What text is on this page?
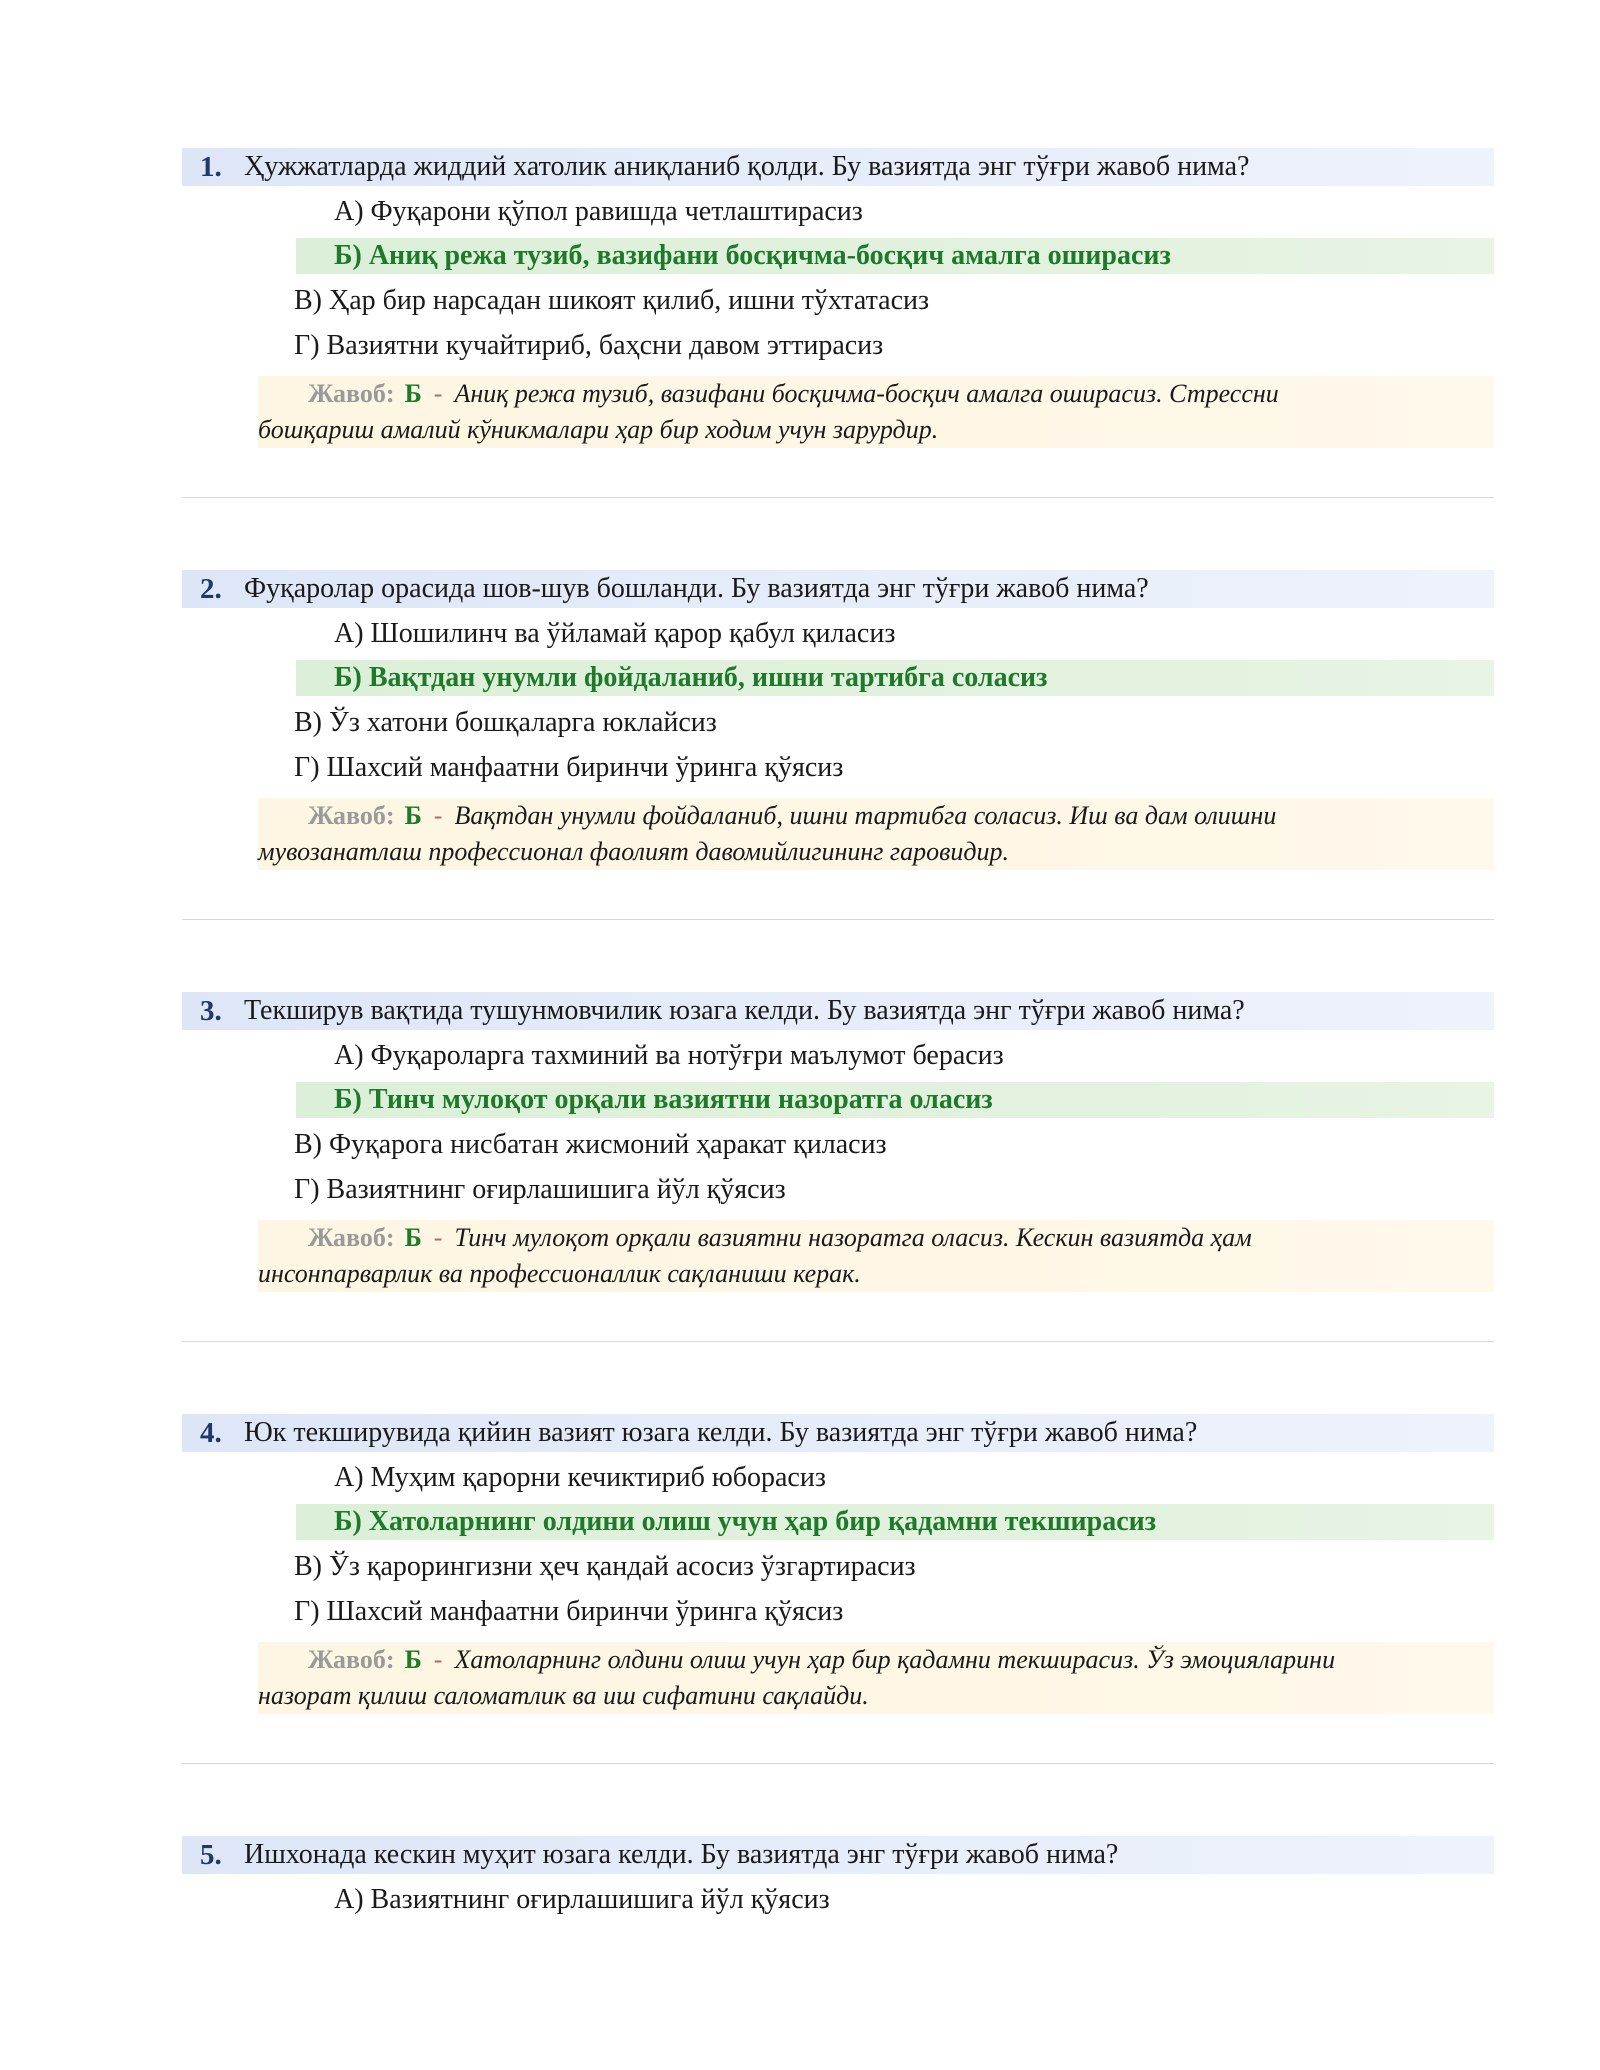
1. Ҳужжатларда жиддий хатолик аниқланиб қолди. Бу вазиятда энг тўғри жавоб нима?
А) Фуқарони қўпол равишда четлаштирасиз
Б) Аниқ режа тузиб, вазифани босқичма-босқич амалга оширасиз
В) Ҳар бир нарсадан шикоят қилиб, ишни тўхтатасиз
Г) Вазиятни кучайтириб, баҳсни давом эттирасиз
Жавоб: Б - Аниқ режа тузиб, вазифани босқичма-босқич амалга оширасиз. Стрессни
бошқариш амалий кўникмалари ҳар бир ходим учун зарурдир.
2. Фуқаролар орасида шов-шув бошланди. Бу вазиятда энг тўғри жавоб нима?
А) Шошилинч ва ўйламай қарор қабул қиласиз
Б) Вақтдан унумли фойдаланиб, ишни тартибга соласиз
В) Ўз хатони бошқаларга юклайсиз
Г) Шахсий манфаатни биринчи ўринга қўясиз
Жавоб: Б - Вақтдан унумли фойдаланиб, ишни тартибга соласиз. Иш ва дам олишни
мувозанатлаш профессионал фаолият давомийлигининг гаровидир.
3. Текширув вақтида тушунмовчилик юзага келди. Бу вазиятда энг тўғри жавоб нима?
А) Фуқароларга тахминий ва нотўғри маълумот берасиз
Б) Тинч мулоқот орқали вазиятни назоратга оласиз
В) Фуқарога нисбатан жисмоний ҳаракат қиласиз
Г) Вазиятнинг оғирлашишига йўл қўясиз
Жавоб: Б - Тинч мулоқот орқали вазиятни назоратга оласиз. Кескин вазиятда ҳам
инсонпарварлик ва профессионаллик сақланиши керак.
4. Юк текширувида қийин вазият юзага келди. Бу вазиятда энг тўғри жавоб нима?
А) Муҳим қарорни кечиктириб юборасиз
Б) Хатоларнинг олдини олиш учун ҳар бир қадамни текширасиз
В) Ўз қарорингизни ҳеч қандай асосиз ўзгартирасиз
Г) Шахсий манфаатни биринчи ўринга қўясиз
Жавоб: Б - Хатоларнинг олдини олиш учун ҳар бир қадамни текширасиз. Ўз эмоцияларини
назорат қилиш саломатлик ва иш сифатини сақлайди.
5. Ишхонада кескин муҳит юзага келди. Бу вазиятда энг тўғри жавоб нима?
А) Вазиятнинг оғирлашишига йўл қўясиз
